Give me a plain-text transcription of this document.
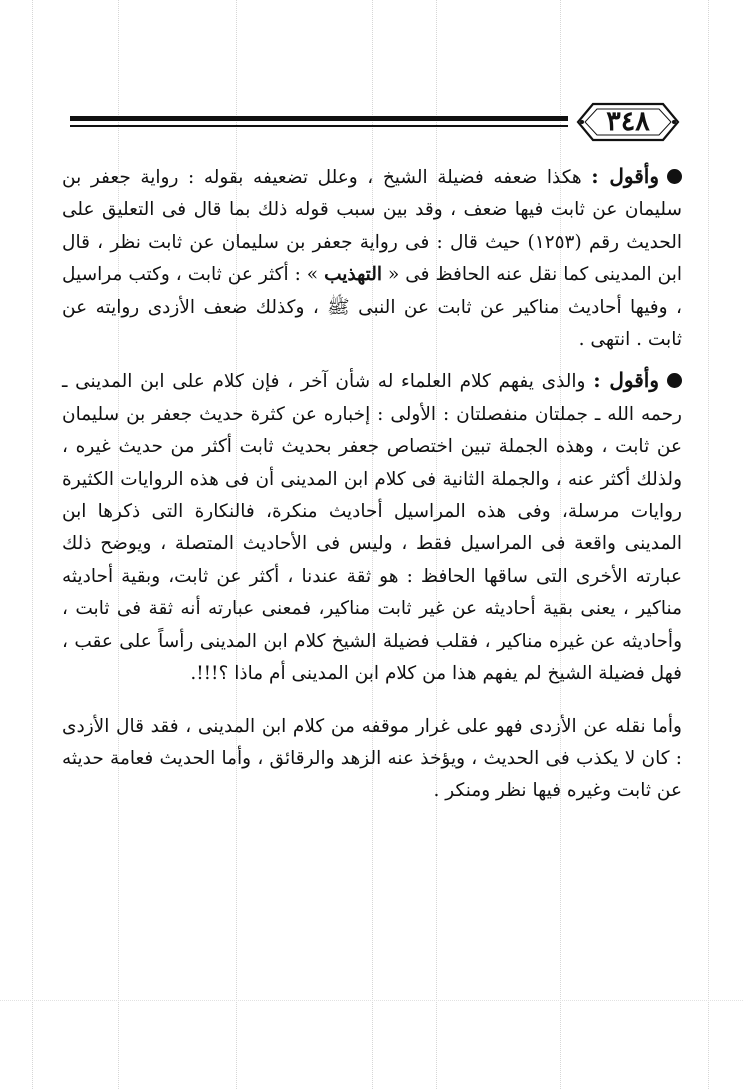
٣٤٨

وأقول : هكذا ضعفه فضيلة الشيخ ، وعلل تضعيفه بقوله : رواية جعفر بن سليمان عن ثابت فيها ضعف ، وقد بين سبب قوله ذلك بما قال فى التعليق على الحديث رقم (١٢٥٣) حيث قال : فى رواية جعفر بن سليمان عن ثابت نظر ، قال ابن المدينى كما نقل عنه الحافظ فى « التهذيب » : أكثر عن ثابت ، وكتب مراسيل ، وفيها أحاديث مناكير عن ثابت عن النبى ﷺ ، وكذلك ضعف الأزدى روايته عن ثابت . انتهى .

وأقول : والذى يفهم كلام العلماء له شأن آخر ، فإن كلام على ابن المدينى ـ رحمه الله ـ جملتان منفصلتان : الأولى : إخباره عن كثرة حديث جعفر بن سليمان عن ثابت ، وهذه الجملة تبين اختصاص جعفر بحديث ثابت أكثر من حديث غيره ، ولذلك أكثر عنه ، والجملة الثانية فى كلام ابن المدينى أن فى هذه الروايات الكثيرة روايات مرسلة، وفى هذه المراسيل أحاديث منكرة، فالنكارة التى ذكرها ابن المدينى واقعة فى المراسيل فقط ، وليس فى الأحاديث المتصلة ، ويوضح ذلك عبارته الأخرى التى ساقها الحافظ : هو ثقة عندنا ، أكثر عن ثابت، وبقية أحاديثه مناكير ، يعنى بقية أحاديثه عن غير ثابت مناكير، فمعنى عبارته أنه ثقة فى ثابت ، وأحاديثه عن غيره مناكير ، فقلب فضيلة الشيخ كلام ابن المدينى رأساً على عقب ، فهل فضيلة الشيخ لم يفهم هذا من كلام ابن المدينى أم ماذا ؟!!!.

وأما نقله عن الأزدى فهو على غرار موقفه من كلام ابن المدينى ، فقد قال الأزدى : كان لا يكذب فى الحديث ، ويؤخذ عنه الزهد والرقائق ، وأما الحديث فعامة حديثه عن ثابت وغيره فيها نظر ومنكر .
